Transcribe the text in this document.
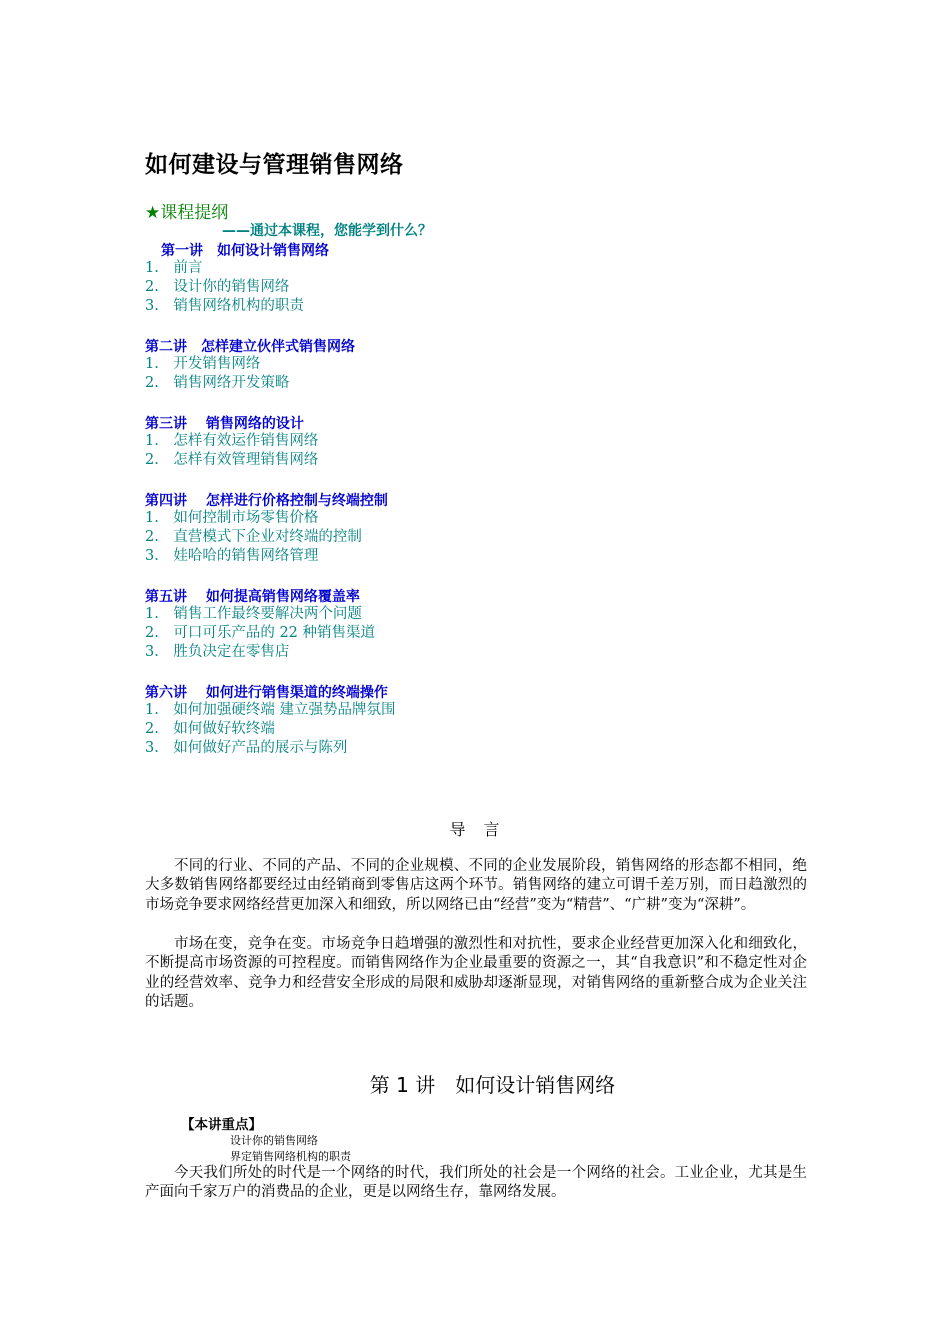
如何建设与管理销售网络
★课程提纲
——通过本课程，您能学到什么？
第一讲　如何设计销售网络
1.　前言
2.　设计你的销售网络
3.　销售网络机构的职责
第二讲　怎样建立伙伴式销售网络
1.　开发销售网络
2.　销售网络开发策略
第三讲　 销售网络的设计
1.　怎样有效运作销售网络
2.　怎样有效管理销售网络
第四讲　 怎样进行价格控制与终端控制
1.　如何控制市场零售价格
2.　直营模式下企业对终端的控制
3.　娃哈哈的销售网络管理
第五讲　 如何提高销售网络覆盖率
1.　销售工作最终要解决两个问题
2.　可口可乐产品的 22 种销售渠道
3.　胜负决定在零售店
第六讲　 如何进行销售渠道的终端操作
1.　如何加强硬终端 建立强势品牌氛围
2.　如何做好软终端
3.　如何做好产品的展示与陈列
导　言
不同的行业、不同的产品、不同的企业规模、不同的企业发展阶段，销售网络的形态都不相同，绝大多数销售网络都要经过由经销商到零售店这两个环节。销售网络的建立可谓千差万别，而日趋激烈的市场竞争要求网络经营更加深入和细致，所以网络已由“经营”变为“精营”、“广耕”变为“深耕”。
市场在变，竞争在变。市场竞争日趋增强的激烈性和对抗性，要求企业经营更加深入化和细致化，不断提高市场资源的可控程度。而销售网络作为企业最重要的资源之一，其“自我意识”和不稳定性对企业的经营效率、竞争力和经营安全形成的局限和威胁却逐渐显现，对销售网络的重新整合成为企业关注的话题。
第 1 讲　如何设计销售网络
【本讲重点】
设计你的销售网络
界定销售网络机构的职责
今天我们所处的时代是一个网络的时代，我们所处的社会是一个网络的社会。工业企业，尤其是生产面向千家万户的消费品的企业，更是以网络生存，靠网络发展。
